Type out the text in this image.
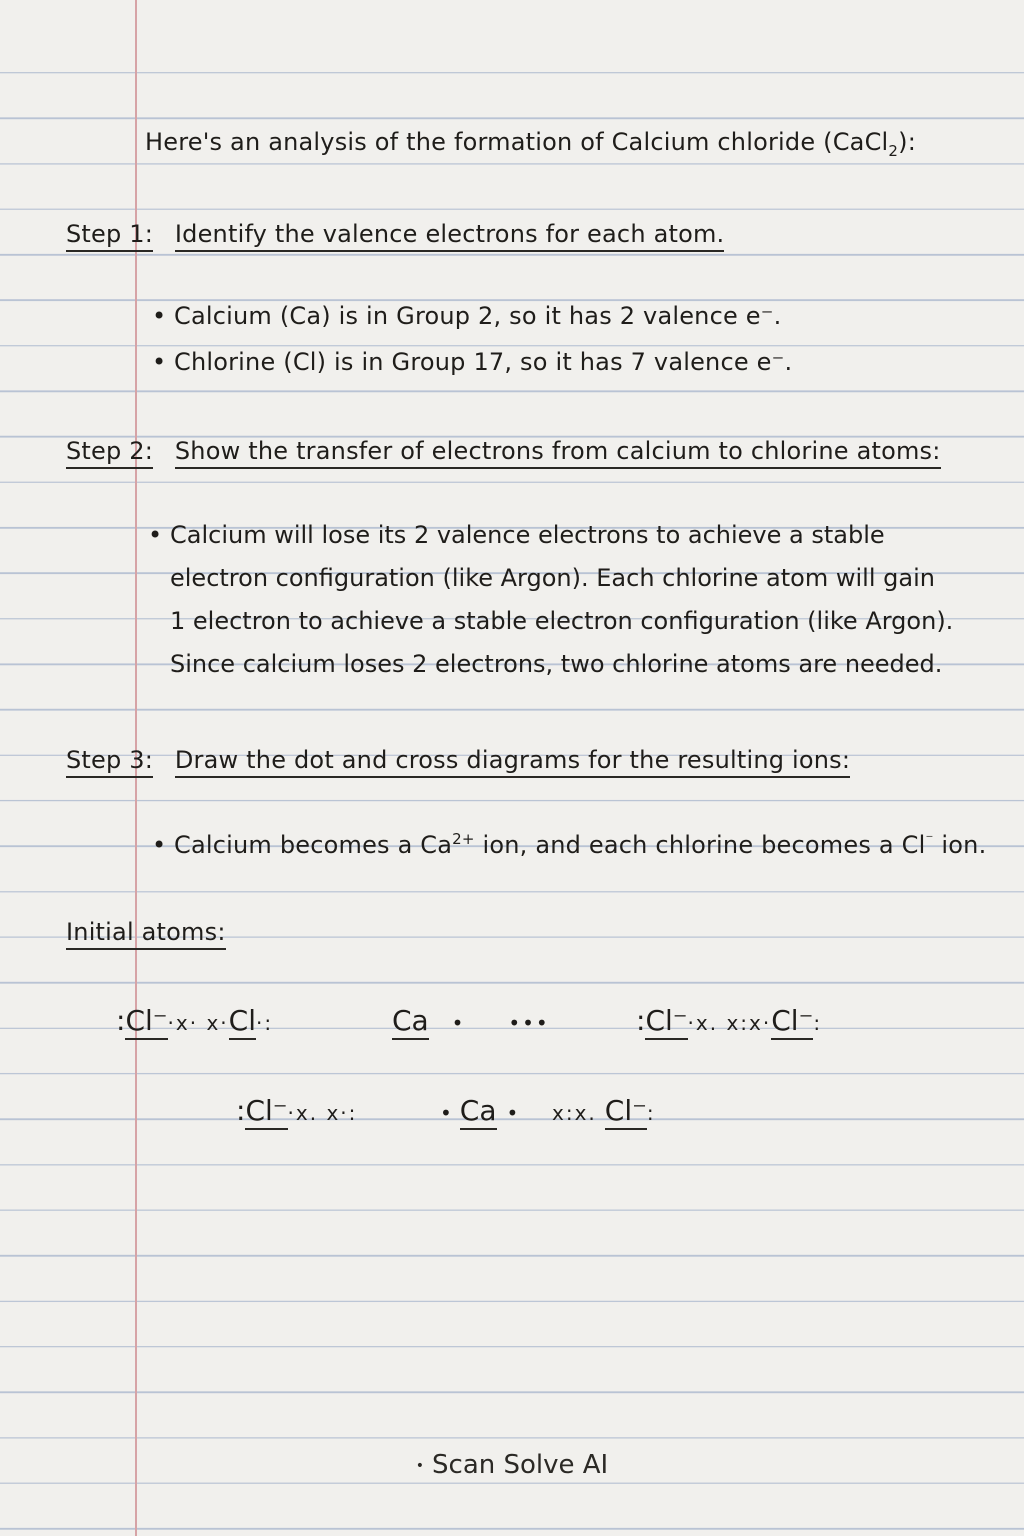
Here's an analysis of the formation of Calcium chloride (CaCl$_2$):
Step 1: Identify the valence electrons for each atom.
• Calcium (Ca) is in Group 2, so it has 2 valence e⁻.
• Chlorine (Cl) is in Group 17, so it has 7 valence e⁻.
Step 2: Show the transfer of electrons from calcium to chlorine atoms:
• Calcium will lose its 2 valence electrons to achieve a stable
electron configuration (like Argon). Each chlorine atom will gain
1 electron to achieve a stable electron configuration (like Argon).
Since calcium loses 2 electrons, two chlorine atoms are needed.
Step 3: Draw the dot and cross diagrams for the resulting ions:
• Calcium becomes a $Ca^{2+}$ ion, and each chlorine becomes a Cl⁻ ion.
Initial atoms:
:Cl⁻·x· x·Cl·:	Ca • •••	:Cl⁻·x. x:x·Cl⁻:
:Cl⁻·x. x·:	• Ca • x:x. Cl⁻:
• Scan Solve AI
